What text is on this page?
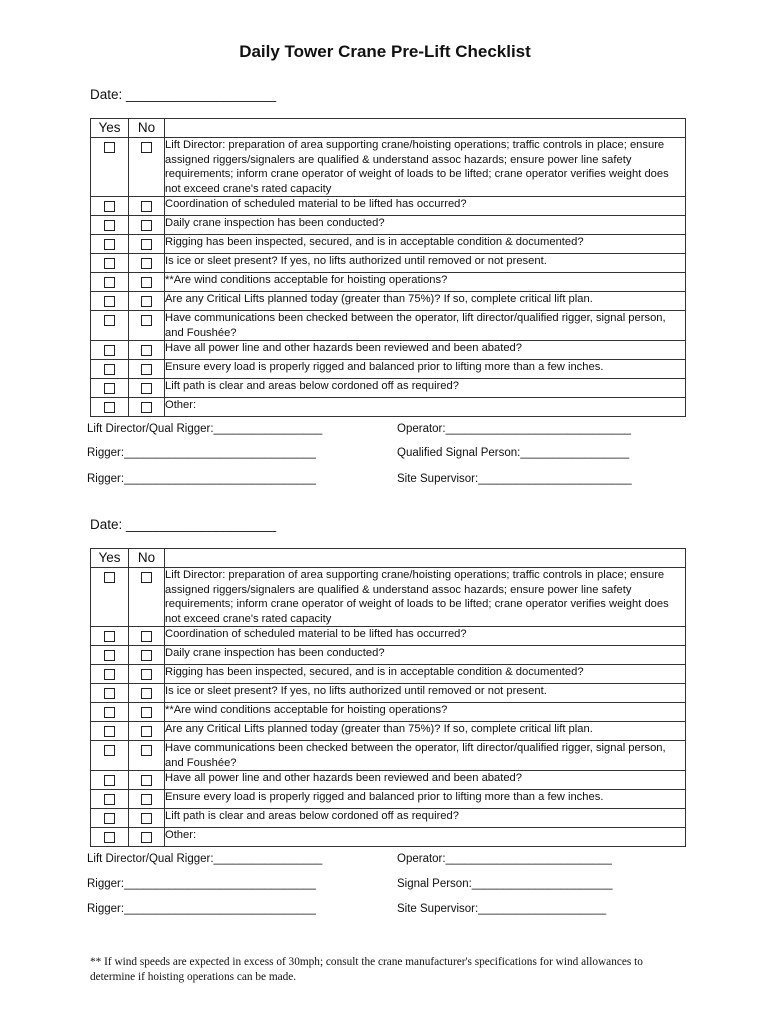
Daily Tower Crane Pre-Lift Checklist
Date: ____________________
Yes	No	
		Lift Director: preparation of area supporting crane/hoisting operations; traffic controls in place; ensure assigned riggers/signalers are qualified & understand assoc hazards; ensure power line safety requirements; inform crane operator of weight of loads to be lifted; crane operator verifies weight does not exceed crane's rated capacity
		Coordination of scheduled material to be lifted has occurred?
		Daily crane inspection has been conducted?
		Rigging has been inspected, secured, and is in acceptable condition & documented?
		Is ice or sleet present? If yes, no lifts authorized until removed or not present.
		**Are wind conditions acceptable for hoisting operations?
		Are any Critical Lifts planned today (greater than 75%)? If so, complete critical lift plan.
		Have communications been checked between the operator, lift director/qualified rigger, signal person, and Foushée?
		Have all power line and other hazards been reviewed and been abated?
		Ensure every load is properly rigged and balanced prior to lifting more than a few inches.
		Lift path is clear and areas below cordoned off as required?
		Other:
Lift Director/Qual Rigger:_________________
Rigger:______________________________
Rigger:______________________________
Operator:_____________________________
Qualified Signal Person:_________________
Site Supervisor:________________________
Date: ____________________
Yes	No	
		Lift Director: preparation of area supporting crane/hoisting operations; traffic controls in place; ensure assigned riggers/signalers are qualified & understand assoc hazards; ensure power line safety requirements; inform crane operator of weight of loads to be lifted; crane operator verifies weight does not exceed crane's rated capacity
		Coordination of scheduled material to be lifted has occurred?
		Daily crane inspection has been conducted?
		Rigging has been inspected, secured, and is in acceptable condition & documented?
		Is ice or sleet present? If yes, no lifts authorized until removed or not present.
		**Are wind conditions acceptable for hoisting operations?
		Are any Critical Lifts planned today (greater than 75%)? If so, complete critical lift plan.
		Have communications been checked between the operator, lift director/qualified rigger, signal person, and Foushée?
		Have all power line and other hazards been reviewed and been abated?
		Ensure every load is properly rigged and balanced prior to lifting more than a few inches.
		Lift path is clear and areas below cordoned off as required?
		Other:
Lift Director/Qual Rigger:_________________
Rigger:______________________________
Rigger:______________________________
Operator:__________________________
Signal Person:______________________
Site Supervisor:____________________

** If wind speeds are expected in excess of 30mph; consult the crane manufacturer's specifications for wind allowances to determine if hoisting operations can be made.
